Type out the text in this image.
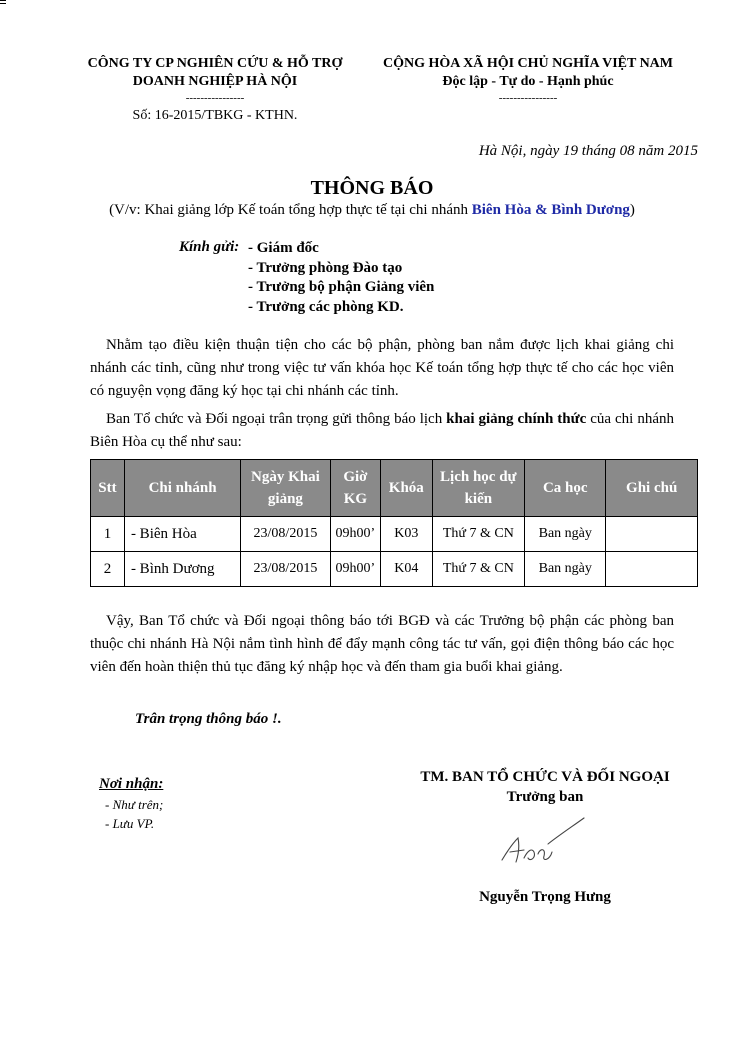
CÔNG TY CP NGHIÊN CỨU & HỖ TRỢ
DOANH NGHIỆP HÀ NỘI
----------------
Số: 16-2015/TBKG - KTHN.
CỘNG HÒA XÃ HỘI CHỦ NGHĨA VIỆT NAM
Độc lập - Tự do - Hạnh phúc
----------------
Hà Nội, ngày 19 tháng 08 năm 2015
THÔNG BÁO
(V/v: Khai giảng lớp Kế toán tổng hợp thực tế tại chi nhánh Biên Hòa & Bình Dương)
Kính gửi: - Giám đốc
- Trưởng phòng Đào tạo
- Trưởng bộ phận Giảng viên
- Trưởng các phòng KD.
Nhằm tạo điều kiện thuận tiện cho các bộ phận, phòng ban nắm được lịch khai giảng chi nhánh các tỉnh, cũng như trong việc tư vấn khóa học Kế toán tổng hợp thực tế cho các học viên có nguyện vọng đăng ký học tại chi nhánh các tỉnh.
Ban Tổ chức và Đối ngoại trân trọng gửi thông báo lịch khai giảng chính thức của chi nhánh Biên Hòa cụ thể như sau:
Stt	Chi nhánh	Ngày Khai giảng	Giờ KG	Khóa	Lịch học dự kiến	Ca học	Ghi chú
1	- Biên Hòa	23/08/2015	09h00’	K03	Thứ 7 & CN	Ban ngày	
2	- Bình Dương	23/08/2015	09h00’	K04	Thứ 7 & CN	Ban ngày	
Vậy, Ban Tổ chức và Đối ngoại thông báo tới BGĐ và các Trưởng bộ phận các phòng ban thuộc chi nhánh Hà Nội nắm tình hình để đẩy mạnh công tác tư vấn, gọi điện thông báo các học viên đến hoàn thiện thủ tục đăng ký nhập học và đến tham gia buổi khai giảng.
Trân trọng thông báo !.
Nơi nhận:
- Như trên;
- Lưu VP.
TM. BAN TỔ CHỨC VÀ ĐỐI NGOẠI
Trưởng ban
Nguyễn Trọng Hưng
